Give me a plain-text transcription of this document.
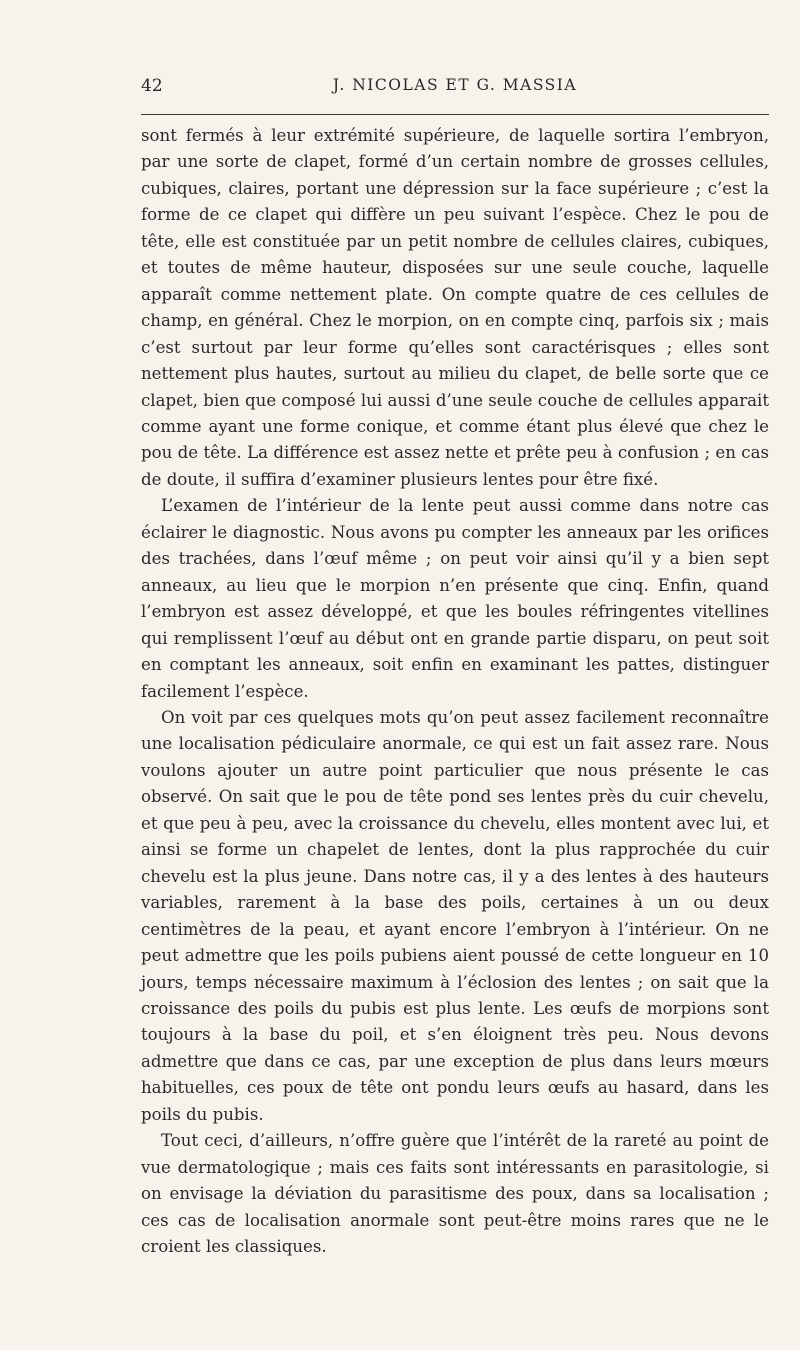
42	J. NICOLAS ET G. MASSIA

sont fermés à leur extrémité supérieure, de laquelle sortira l’embryon, par une sorte de clapet, formé d’un certain nombre de grosses cellules, cubiques, claires, portant une dépression sur la face supérieure ; c’est la forme de ce clapet qui diffère un peu suivant l’espèce. Chez le pou de tête, elle est constituée par un petit nombre de cellules claires, cubiques, et toutes de même hauteur, disposées sur une seule couche, laquelle apparaît comme nettement plate. On compte quatre de ces cellules de champ, en général. Chez le morpion, on en compte cinq, parfois six ; mais c’est surtout par leur forme qu’elles sont caractérisques ; elles sont nettement plus hautes, surtout au milieu du clapet, de belle sorte que ce clapet, bien que composé lui aussi d’une seule couche de cellules apparait comme ayant une forme conique, et comme étant plus élevé que chez le pou de tête. La différence est assez nette et prête peu à confusion ; en cas de doute, il suffira d’examiner plusieurs lentes pour être fixé.

L’examen de l’intérieur de la lente peut aussi comme dans notre cas éclairer le diagnostic. Nous avons pu compter les anneaux par les orifices des trachées, dans l’œuf même ; on peut voir ainsi qu’il y a bien sept anneaux, au lieu que le morpion n’en présente que cinq. Enfin, quand l’embryon est assez développé, et que les boules réfringentes vitellines qui remplissent l’œuf au début ont en grande partie disparu, on peut soit en comptant les anneaux, soit enfin en examinant les pattes, distinguer facilement l’espèce.

On voit par ces quelques mots qu’on peut assez facilement reconnaître une localisation pédiculaire anormale, ce qui est un fait assez rare. Nous voulons ajouter un autre point particulier que nous présente le cas observé. On sait que le pou de tête pond ses lentes près du cuir chevelu, et que peu à peu, avec la croissance du chevelu, elles montent avec lui, et ainsi se forme un chapelet de lentes, dont la plus rapprochée du cuir chevelu est la plus jeune. Dans notre cas, il y a des lentes à des hauteurs variables, rarement à la base des poils, certaines à un ou deux centimètres de la peau, et ayant encore l’embryon à l’intérieur. On ne peut admettre que les poils pubiens aient poussé de cette longueur en 10 jours, temps nécessaire maximum à l’éclosion des lentes ; on sait que la croissance des poils du pubis est plus lente. Les œufs de morpions sont toujours à la base du poil, et s’en éloignent très peu. Nous devons admettre que dans ce cas, par une exception de plus dans leurs mœurs habituelles, ces poux de tête ont pondu leurs œufs au hasard, dans les poils du pubis.

Tout ceci, d’ailleurs, n’offre guère que l’intérêt de la rareté au point de vue dermatologique ; mais ces faits sont intéressants en parasitologie, si on envisage la déviation du parasitisme des poux, dans sa localisation ; ces cas de localisation anormale sont peut-être moins rares que ne le croient les classiques.
